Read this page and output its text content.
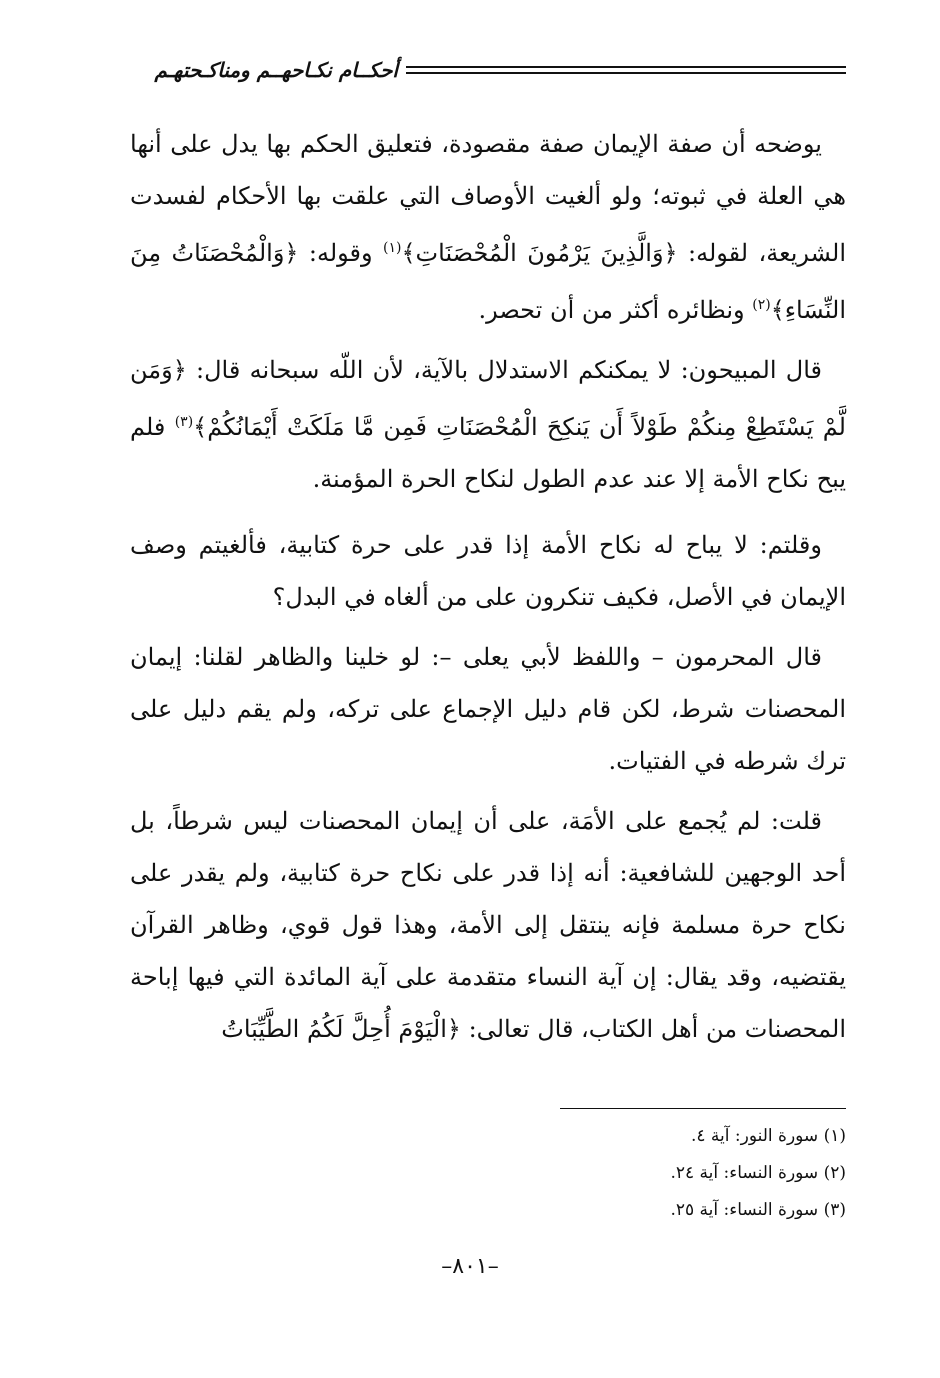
أحكــام نكـاحهــم ومناكـحتهـم

يوضحه أن صفة الإيمان صفة مقصودة، فتعليق الحكم بها يدل على أنها هي العلة في ثبوته؛ ولو ألغيت الأوصاف التي علقت بها الأحكام لفسدت الشريعة، لقوله: ﴿وَالَّذِينَ يَرْمُونَ الْمُحْصَنَاتِ﴾$^{(١)}$ وقوله: ﴿وَالْمُحْصَنَاتُ مِنَ النِّسَاءِ﴾$^{(٢)}$ ونظائره أكثر من أن تحصر.

قال المبيحون: لا يمكنكم الاستدلال بالآية، لأن اللّه سبحانه قال: ﴿وَمَن لَّمْ يَسْتَطِعْ مِنكُمْ طَوْلاً أَن يَنكِحَ الْمُحْصَنَاتِ فَمِن مَّا مَلَكَتْ أَيْمَانُكُمْ﴾$^{(٣)}$ فلم يبح نكاح الأمة إلا عند عدم الطول لنكاح الحرة المؤمنة.

وقلتم: لا يباح له نكاح الأمة إذا قدر على حرة كتابية، فألغيتم وصف الإيمان في الأصل، فكيف تنكرون على من ألغاه في البدل؟

قال المحرمون – واللفظ لأبي يعلى –: لو خلينا والظاهر لقلنا: إيمان المحصنات شرط، لكن قام دليل الإجماع على تركه، ولم يقم دليل على ترك شرطه في الفتيات.

قلت: لم يُجمع على الأمَة، على أن إيمان المحصنات ليس شرطاً، بل أحد الوجهين للشافعية: أنه إذا قدر على نكاح حرة كتابية، ولم يقدر على نكاح حرة مسلمة فإنه ينتقل إلى الأمة، وهذا قول قوي، وظاهر القرآن يقتضيه، وقد يقال: إن آية النساء متقدمة على آية المائدة التي فيها إباحة المحصنات من أهل الكتاب، قال تعالى: ﴿الْيَوْمَ أُحِلَّ لَكُمُ الطَّيِّبَاتُ

(١) سورة النور: آية ٤.
(٢) سورة النساء: آية ٢٤.
(٣) سورة النساء: آية ٢٥.
–٨٠١–
